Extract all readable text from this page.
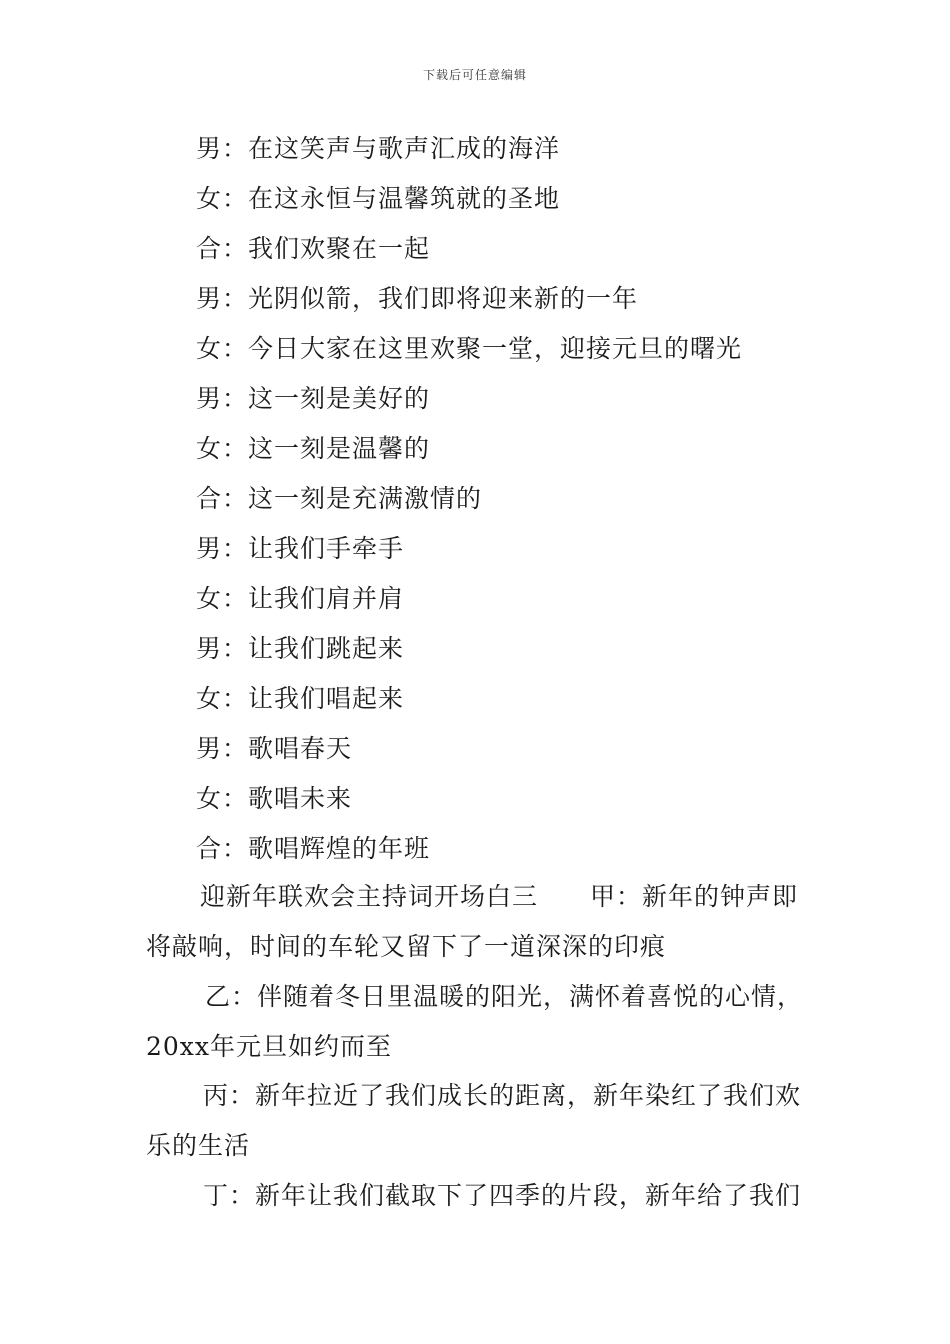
下载后可任意编辑
男：在这笑声与歌声汇成的海洋
女：在这永恒与温馨筑就的圣地
合：我们欢聚在一起
男：光阴似箭，我们即将迎来新的一年
女：今日大家在这里欢聚一堂，迎接元旦的曙光
男：这一刻是美好的
女：这一刻是温馨的
合：这一刻是充满激情的
男：让我们手牵手
女：让我们肩并肩
男：让我们跳起来
女：让我们唱起来
男：歌唱春天
女：歌唱未来
合：歌唱辉煌的年班
迎新年联欢会主持词开场白三　　甲：新年的钟声即
将敲响，时间的车轮又留下了一道深深的印痕
乙：伴随着冬日里温暖的阳光，满怀着喜悦的心情，
20xx年元旦如约而至
丙：新年拉近了我们成长的距离，新年染红了我们欢
乐的生活
丁：新年让我们截取下了四季的片段，新年给了我们
